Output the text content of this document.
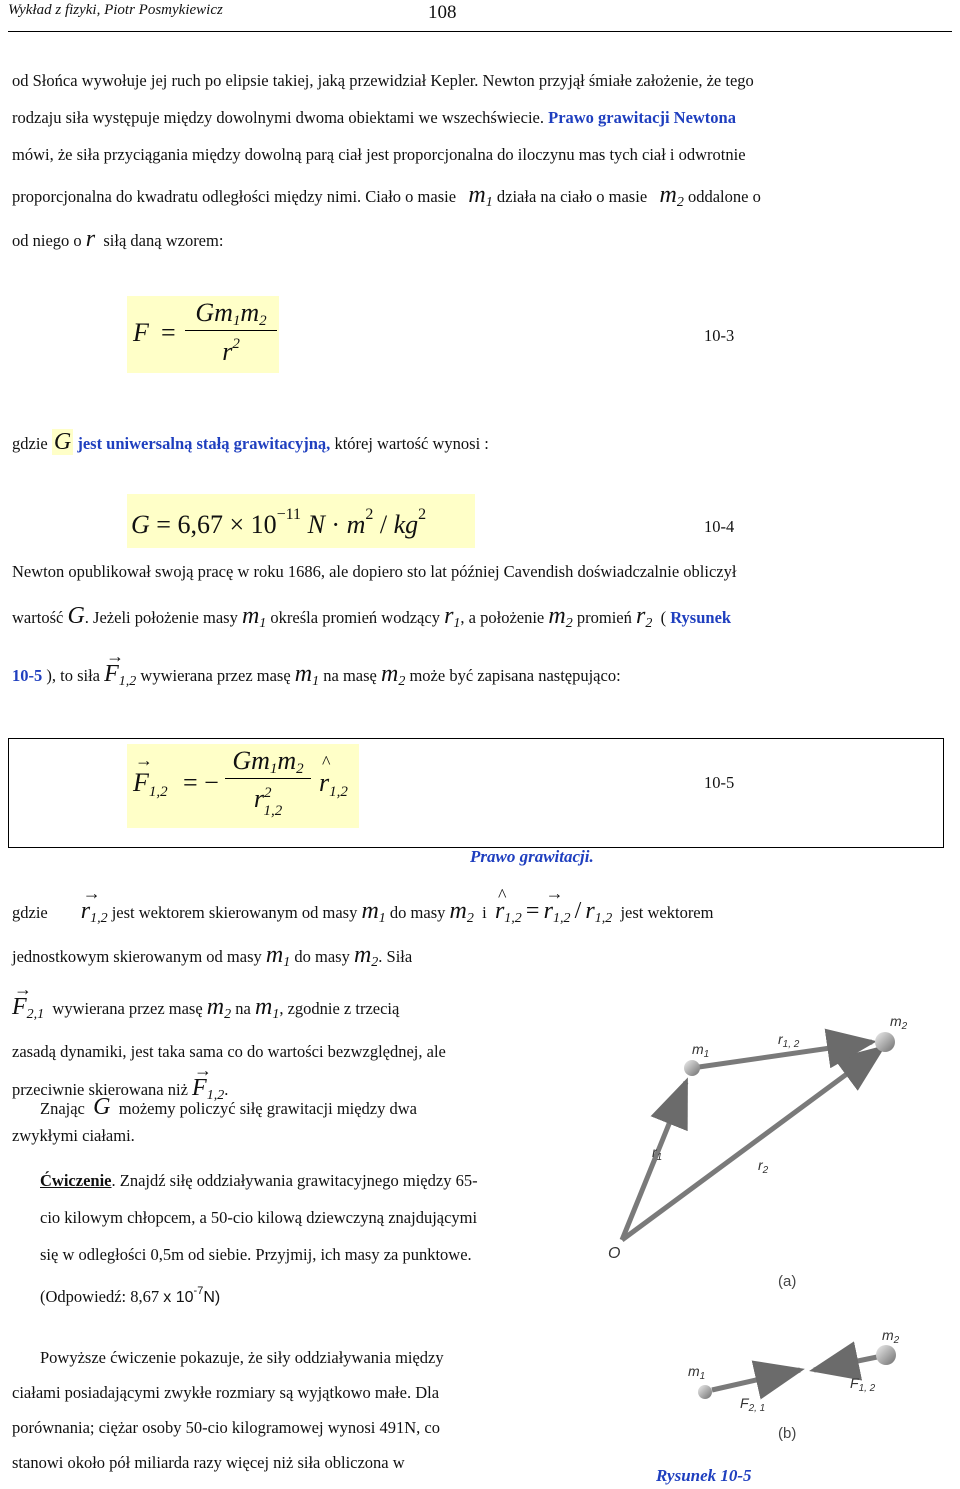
Wykład z fizyki, Piotr Posmykiewicz	108
od Słońca wywołuje jej ruch po elipsie takiej, jaką przewidział Kepler. Newton przyjął śmiałe założenie, że tego
rodzaju siła występuje między dowolnymi dwoma obiektami we wszechświecie. Prawo grawitacji Newtona
mówi, że siła przyciągania między dowolną parą ciał jest proporcjonalna do iloczynu mas tych ciał i odwrotnie
proporcjonalna do kwadratu odległości między nimi. Ciało o masie $m_1$ działa na ciało o masie $m_2$ oddalone o
od niego o r siłą daną wzorem:
F =
Gm1m2
$r^2$	10-3
gdzie G jest uniwersalną stałą grawitacyjną, której wartość wynosi :
$G = 6,67 \times 10^{-11}$ $N \cdot m^2 / kg^2$
10-4
Newton opublikował swoją pracę w roku 1686, ale dopiero sto lat później Cavendish doświadczalnie obliczył
wartość G. Jeżeli położenie masy $m_1$ określa promień wodzący $r_1$, a położenie $m_2$ promień $r_2$ ( Rysunek
10-5 ), to siła → $F_{1,2}$ wywierana przez masę $m_1$ na masę $m_2$ może być zapisana następująco:
→ F1,2 = −
Gm1m2
$r^2_{1,2}$
^ r1,2	10-5
Prawo grawitacji.
gdzie → $r_{1,2}$ jest wektorem skierowanym od masy $m_1$ do masy $m_2$ i ^ $r_{1,2}$ = → $r_{1,2} / r_{1,2}$ jest wektorem
jednostkowym skierowanym od masy $m_1$ do masy $m_2$. Siła
→ $F_{2,1}$ wywierana przez masę $m_2$ na $m_1$, zgodnie z trzecią
zasadą dynamiki, jest taka sama co do wartości bezwzględnej, ale
przeciwnie skierowana niż → $F_{1,2}$.
Znając G możemy policzyć siłę grawitacji między dwa
zwykłymi ciałami.
Ćwiczenie. Znajdź siłę oddziaływania grawitacyjnego między 65-
cio kilowym chłopcem, a 50-cio kilową dziewczyną znajdującymi
się w odległości 0,5m od siebie. Przyjmij, ich masy za punktowe.
(Odpowiedź: 8,67 x $10^{-7}N$)
Powyższe ćwiczenie pokazuje, że siły oddziaływania między
ciałami posiadającymi zwykłe rozmiary są wyjątkowo małe. Dla
porównania; ciężar osoby 50-cio kilogramowej wynosi 491N, co
stanowi około pół miliarda razy więcej niż siła obliczona w
$m_1$
$m_2$
$r_{1, 2}$
$r_1$	$r_2$
O
(a)
$m_1$
$m_2$
$F_{2, 1}$
$F_{1, 2}$
(b)
Rysunek 10-5
